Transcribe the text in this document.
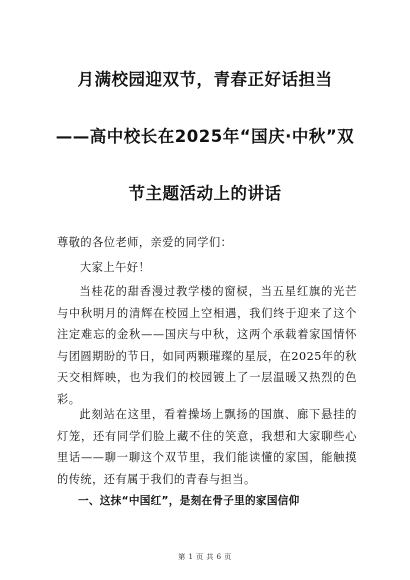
月满校园迎双节，青春正好话担当
——高中校长在2025年“国庆·中秋”双
节主题活动上的讲话
尊敬的各位老师，亲爱的同学们：
大家上午好！

当桂花的甜香漫过教学楼的窗棂，当五星红旗的光芒与中秋明月的清辉在校园上空相遇，我们终于迎来了这个注定难忘的金秋——国庆与中秋，这两个承载着家国情怀与团圆期盼的节日，如同两颗璀璨的星辰，在2025年的秋天交相辉映，也为我们的校园镀上了一层温暖又热烈的色彩。

此刻站在这里，看着操场上飘扬的国旗、廊下悬挂的灯笼，还有同学们脸上藏不住的笑意，我想和大家聊些心里话——聊一聊这个双节里，我们能读懂的家国，能触摸的传统，还有属于我们的青春与担当。

一、这抹“中国红”，是刻在骨子里的家国信仰
第 1 页 共 6 页
